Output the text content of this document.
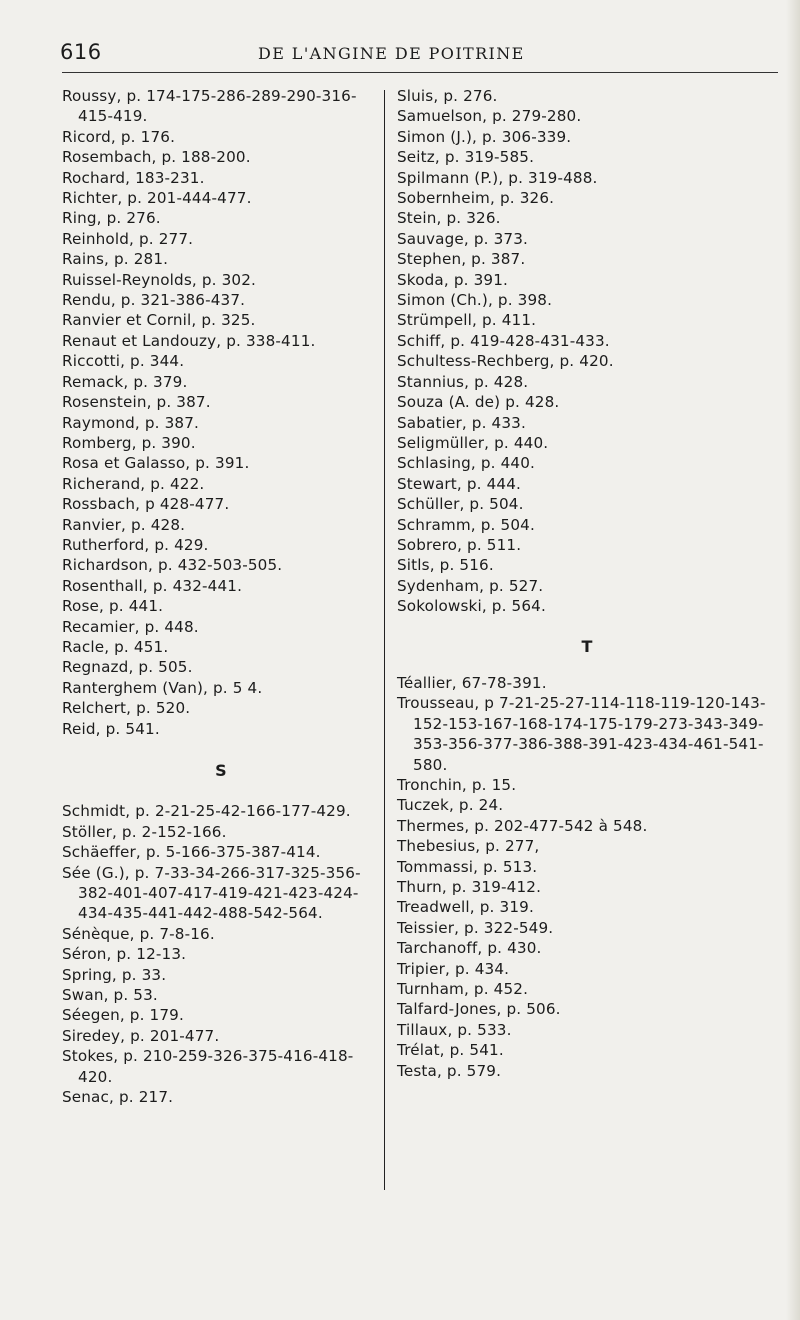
616	DE L'ANGINE DE POITRINE
Roussy, p. 174-175-286-289-290-316-415-419.
Ricord, p. 176.
Rosembach, p. 188-200.
Rochard, 183-231.
Richter, p. 201-444-477.
Ring, p. 276.
Reinhold, p. 277.
Rains, p. 281.
Ruissel-Reynolds, p. 302.
Rendu, p. 321-386-437.
Ranvier et Cornil, p. 325.
Renaut et Landouzy, p. 338-411.
Riccotti, p. 344.
Remack, p. 379.
Rosenstein, p. 387.
Raymond, p. 387.
Romberg, p. 390.
Rosa et Galasso, p. 391.
Richerand, p. 422.
Rossbach, p 428-477.
Ranvier, p. 428.
Rutherford, p. 429.
Richardson, p. 432-503-505.
Rosenthall, p. 432-441.
Rose, p. 441.
Recamier, p. 448.
Racle, p. 451.
Regnazd, p. 505.
Ranterghem (Van), p. 5 4.
Relchert, p. 520.
Reid, p. 541.
S
Schmidt, p. 2-21-25-42-166-177-429.
Stöller, p. 2-152-166.
Schäeffer, p. 5-166-375-387-414.
Sée (G.), p. 7-33-34-266-317-325-356-382-401-407-417-419-421-423-424-434-435-441-442-488-542-564.
Sénèque, p. 7-8-16.
Séron, p. 12-13.
Spring, p. 33.
Swan, p. 53.
Séegen, p. 179.
Siredey, p. 201-477.
Stokes, p. 210-259-326-375-416-418-420.
Senac, p. 217.
Sluis, p. 276.
Samuelson, p. 279-280.
Simon (J.), p. 306-339.
Seitz, p. 319-585.
Spilmann (P.), p. 319-488.
Sobernheim, p. 326.
Stein, p. 326.
Sauvage, p. 373.
Stephen, p. 387.
Skoda, p. 391.
Simon (Ch.), p. 398.
Strümpell, p. 411.
Schiff, p. 419-428-431-433.
Schultess-Rechberg, p. 420.
Stannius, p. 428.
Souza (A. de) p. 428.
Sabatier, p. 433.
Seligmüller, p. 440.
Schlasing, p. 440.
Stewart, p. 444.
Schüller, p. 504.
Schramm, p. 504.
Sobrero, p. 511.
Sitls, p. 516.
Sydenham, p. 527.
Sokolowski, p. 564.
T
Téallier, 67-78-391.
Trousseau, p 7-21-25-27-114-118-119-120-143-152-153-167-168-174-175-179-273-343-349-353-356-377-386-388-391-423-434-461-541-580.
Tronchin, p. 15.
Tuczek, p. 24.
Thermes, p. 202-477-542 à 548.
Thebesius, p. 277,
Tommassi, p. 513.
Thurn, p. 319-412.
Treadwell, p. 319.
Teissier, p. 322-549.
Tarchanoff, p. 430.
Tripier, p. 434.
Turnham, p. 452.
Talfard-Jones, p. 506.
Tillaux, p. 533.
Trélat, p. 541.
Testa, p. 579.
